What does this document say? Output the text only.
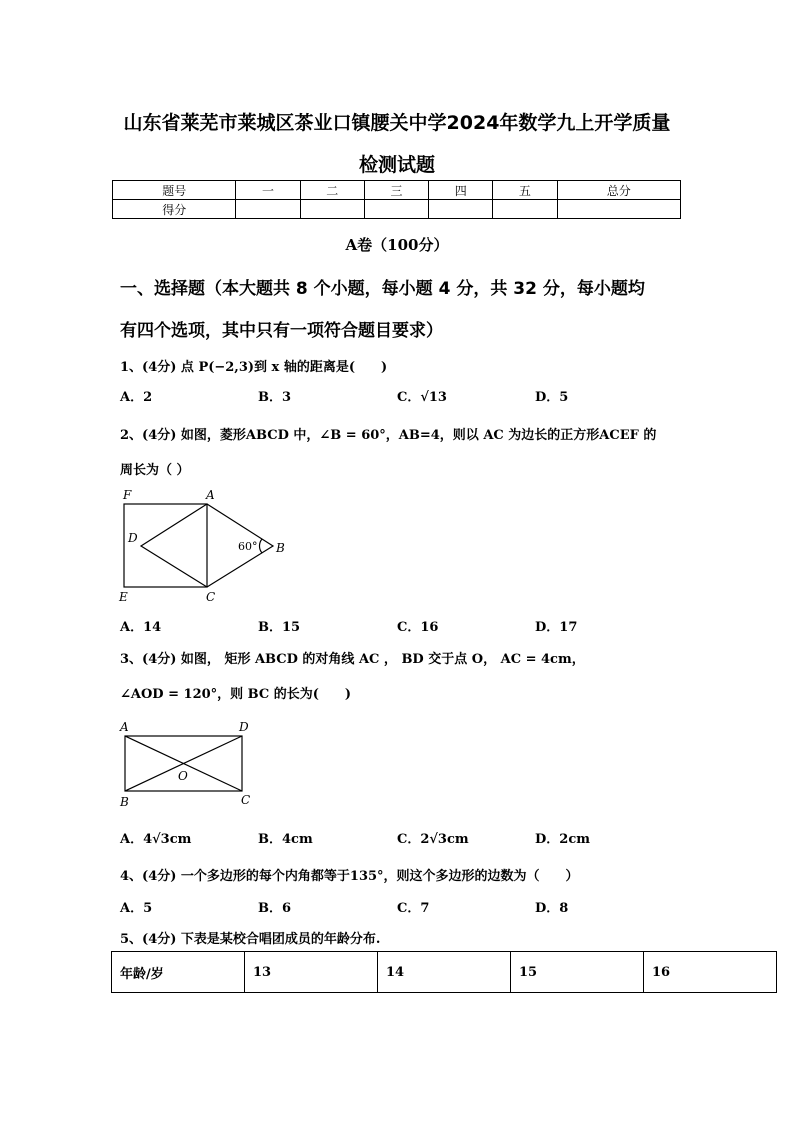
山东省莱芜市莱城区茶业口镇腰关中学2024年数学九上开学质量
检测试题
题号	一	二	三	四	五	总分
得分						
A卷（100分）
一、选择题（本大题共 8 个小题，每小题 4 分，共 32 分，每小题均
有四个选项，其中只有一项符合题目要求）
1、(4分) 点 P(−2,3)到 x 轴的距离是(　　)
A．2	B．3	C．√13	D．5
2、(4分) 如图，菱形ABCD 中，∠B = 60°，AB=4，则以 AC 为边长的正方形ACEF 的
周长为（ ）
F	A
D
60° B
E	C
A．14	B．15	C．16	D．17
3、(4分) 如图， 矩形 ABCD 的对角线 AC ， BD 交于点 O， AC = 4cm，
∠AOD = 120°，则 BC 的长为(　　)
A	D
O
B	C
A．4√3cm	B．4cm	C．2√3cm	D．2cm
4、(4分) 一个多边形的每个内角都等于135°，则这个多边形的边数为（　　）
A．5	B．6	C．7	D．8
5、(4分) 下表是某校合唱团成员的年龄分布.
年龄/岁	13	14	15	16
